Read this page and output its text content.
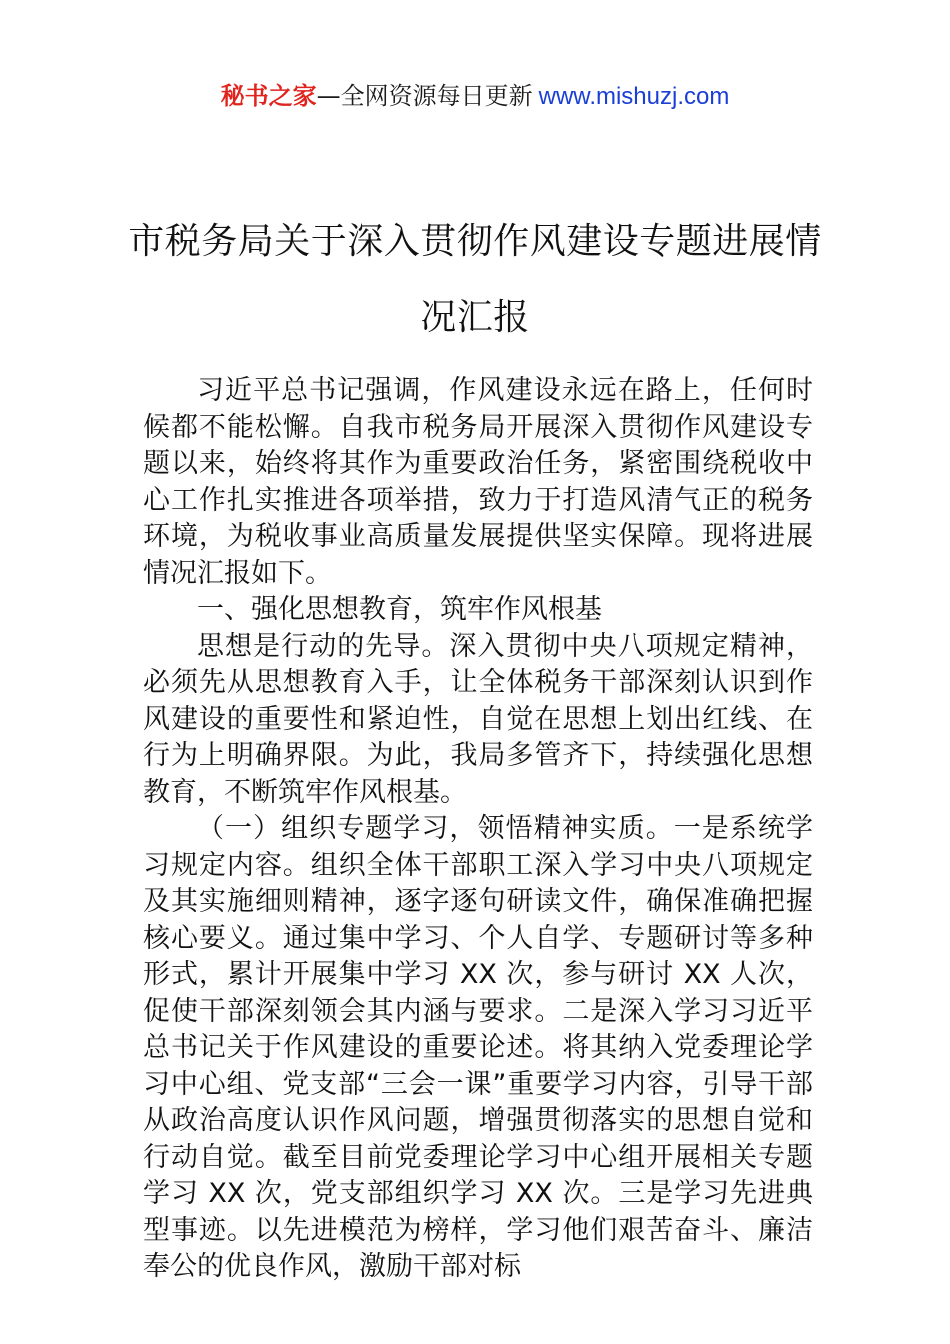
秘书之家—全网资源每日更新 www.mishuzj.com
市税务局关于深入贯彻作风建设专题进展情况汇报

习近平总书记强调，作风建设永远在路上，任何时候都不能松懈。自我市税务局开展深入贯彻作风建设专题以来，始终将其作为重要政治任务，紧密围绕税收中心工作扎实推进各项举措，致力于打造风清气正的税务环境，为税收事业高质量发展提供坚实保障。现将进展情况汇报如下。

一、强化思想教育，筑牢作风根基

思想是行动的先导。深入贯彻中央八项规定精神，必须先从思想教育入手，让全体税务干部深刻认识到作风建设的重要性和紧迫性，自觉在思想上划出红线、在行为上明确界限。为此，我局多管齐下，持续强化思想教育，不断筑牢作风根基。

（一）组织专题学习，领悟精神实质。一是系统学习规定内容。组织全体干部职工深入学习中央八项规定及其实施细则精神，逐字逐句研读文件，确保准确把握核心要义。通过集中学习、个人自学、专题研讨等多种形式，累计开展集中学习 XX 次，参与研讨 XX 人次，促使干部深刻领会其内涵与要求。二是深入学习习近平总书记关于作风建设的重要论述。将其纳入党委理论学习中心组、党支部“三会一课”重要学习内容，引导干部从政治高度认识作风问题，增强贯彻落实的思想自觉和行动自觉。截至目前党委理论学习中心组开展相关专题学习 XX 次，党支部组织学习 XX 次。三是学习先进典型事迹。以先进模范为榜样，学习他们艰苦奋斗、廉洁奉公的优良作风，激励干部对标
